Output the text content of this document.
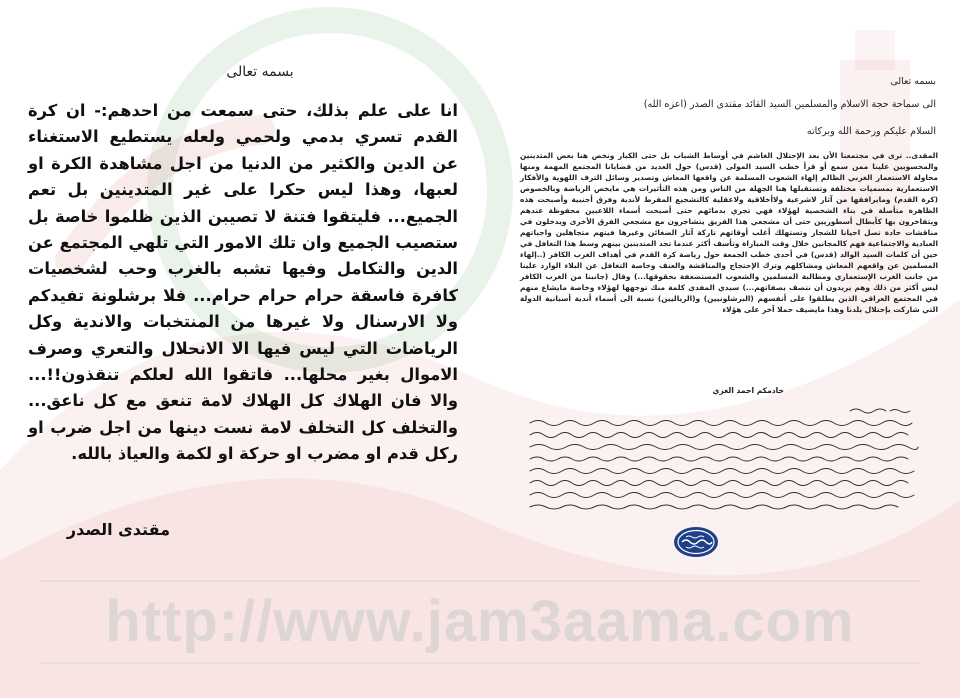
http://www.jam3aama.com
بسمه تعالى
انا على علم بذلك، حتى سمعت من احدهم:- ان كرة القدم تسري بدمي ولحمي ولعله يستطيع الاستغناء عن الدين والكثير من الدنيا من اجل مشاهدة الكرة او لعبها، وهذا ليس حكرا على غير المتدينين بل تعم الجميع... فليتقوا فتنة لا تصيبن الذين ظلموا خاصة بل ستصيب الجميع وان تلك الامور التي تلهي المجتمع عن الدين والتكامل وفيها تشبه بالغرب وحب لشخصيات كافرة فاسقة حرام حرام حرام... فلا برشلونة تفيدكم ولا الارسنال ولا غيرها من المنتخبات والاندية وكل الرياضات التي ليس فيها الا الانحلال والتعري وصرف الاموال بغير محلها... فاتقوا الله لعلكم تنقذون!!... والا فان الهلاك كل الهلاك لامة تنعق مع كل ناعق... والتخلف كل التخلف لامة نست دينها من اجل ضرب او ركل قدم او مضرب او حركة او لكمة والعياذ بالله.
مقتدى الصدر
بسمه تعالى
الى سماحة حجة الاسلام والمسلمين السيد القائد مقتدى الصدر (اعزه الله)
السلام عليكم ورحمة الله وبركاته
المقدى.. ترى في مجتمعنا الأن بعد الإحتلال الغاشم في أوساط الشباب بل حتى الكبار ونخص هنا بعض المتدينين والمحسوبين علينا ممن سمع أو قرأ خطب السيد المولى (قدس) حول العديد من قضايانا المجتمع المهمة ومنها محاولة الاستعمار الغربي الظالم إلهاء الشعوب المسلمة عن واقعها المعاش وتصدير وسائل الترف اللهوية والأفكار الاستعمارية بمسميات مختلفة وتستقبلها هنا الجهلة من الناس ومن هذه التأثيرات هي مايخص الرياضة وبالخصوص (كرة القدم) ومايرافقها من آثار لاشرعية ولاأخلاقية ولاعقلية كالتشجيع المفرط لأندية وفرق أجنبية وأصبحت هذه الظاهرة متأصلة في بناء الشخصية لهؤلاء فهي تجري بدمائهم حتى أصبحت أسماء اللاعبين محفوظة عندهم ويتفاخرون بها كأبطال أسطوريين حتى أن مشجعي هذا الفريق يتشاجرون مع مشجعي الفرق الأخرى ويدخلون في مناقشات حادة تصل احيانا للشجار وتستهلك أغلب أوقاتهم تاركة آثار الضغائن وغيرها فيتهم متجاهلين واجباتهم العبادية والاجتماعية فهم كالمجانين خلال وقت المباراة وتأسف أكثر عندما تجد المتدينين بينهم وسط هذا التغافل في حين أن كلمات السيد الوالد (قدس) في أحدى خطب الجمعة حول رياضة كرة القدم في أهداف الغرب الكافر (..إلهاء المسلمين عن واقعهم المعاش ومشاكلهم وترك الإحتجاج والمناقشة والعنف وخاصة التغافل عن البلاء الوارد علينا من جانب الغرب الإستعماري ومطالبة المسلمين والشعوب المستضعفة بحقوقها...) وقال (جانبنا من الغرب الكافر ليس أكثر من ذلك وهم يريدون أن نتصف بصفاتهم...) سيدي المفدى كلمة منك توجهها لهؤلاء وخاصة مايشاع منهم في المجتمع العراقي الذين يطلقوا على أنفسهم (البرشلونيين) و(الرياليين) نسبة الى أسماء أندية أسبانية الدولة التي شاركت بإحتلال بلدنا وهذا مايضيف حملا آخر على هؤلاء
خادمكم احمد الغزي
